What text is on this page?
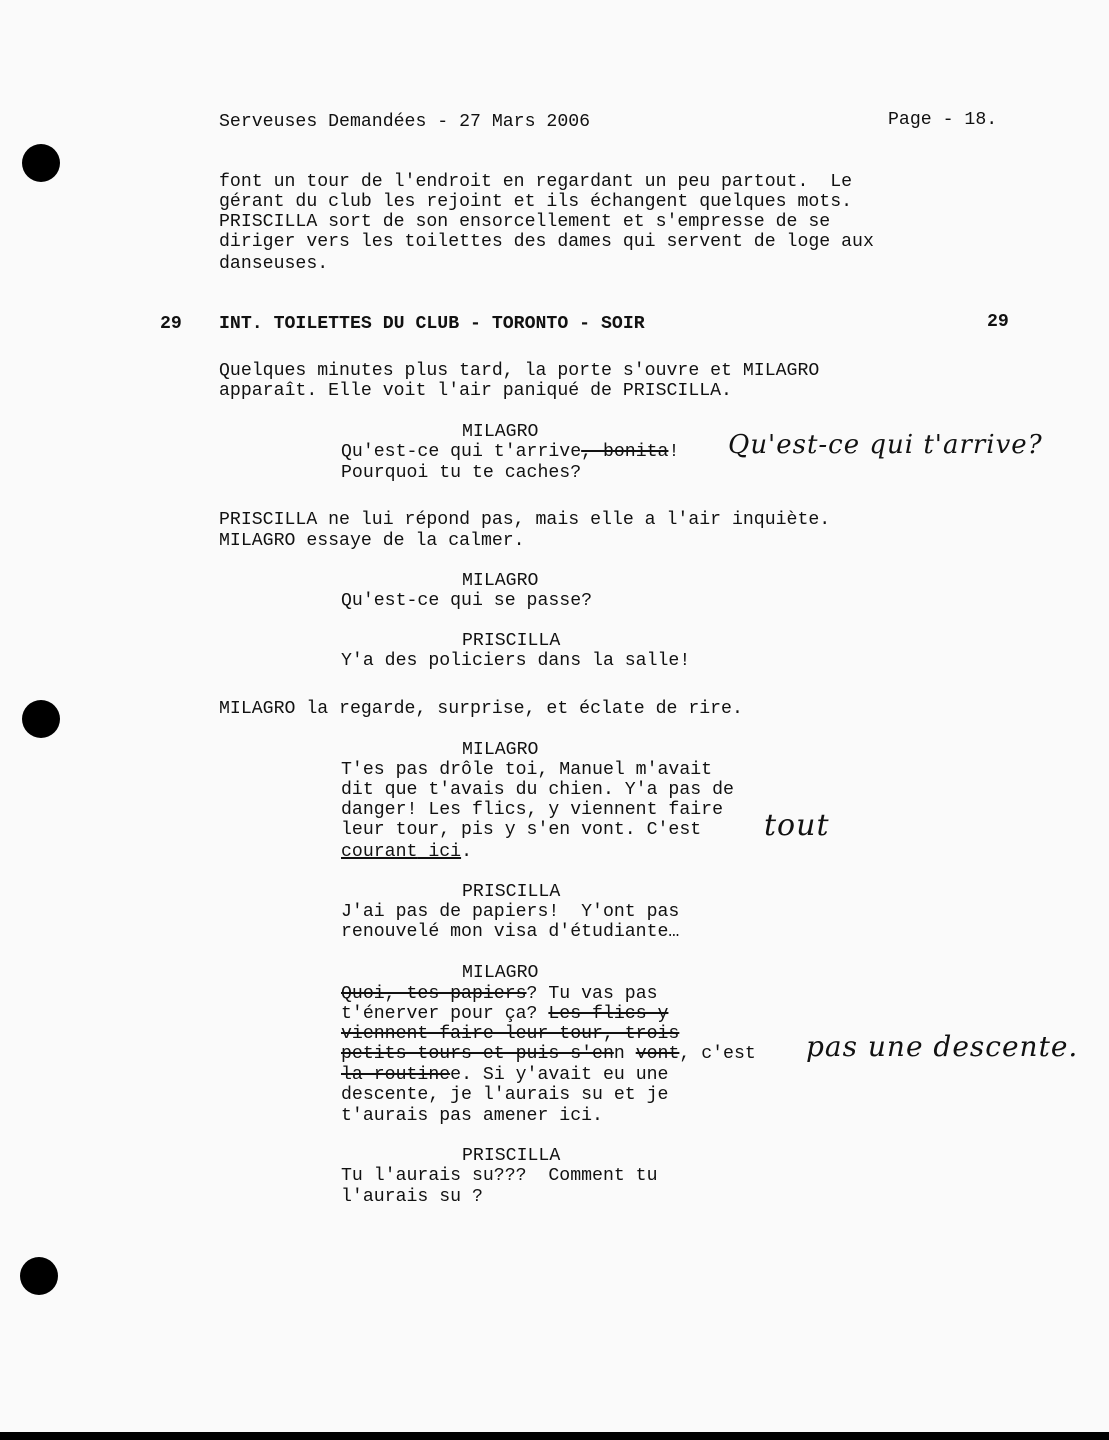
Serveuses Demandées - 27 Mars 2006	Page - 18.
font un tour de l'endroit en regardant un peu partout.  Le
gérant du club les rejoint et ils échangent quelques mots.
PRISCILLA sort de son ensorcellement et s'empresse de se
diriger vers les toilettes des dames qui servent de loge aux
danseuses.
29 INT. TOILETTES DU CLUB - TORONTO - SOIR	29
Quelques minutes plus tard, la porte s'ouvre et MILAGRO
apparaît. Elle voit l'air paniqué de PRISCILLA.
MILAGRO
Qu'est-ce qui t'arrive, bonita!
Pourquoi tu te caches?
Qu'est-ce qui t'arrive?
PRISCILLA ne lui répond pas, mais elle a l'air inquiète.
MILAGRO essaye de la calmer.
MILAGRO
Qu'est-ce qui se passe?
PRISCILLA
Y'a des policiers dans la salle!
MILAGRO la regarde, surprise, et éclate de rire.
MILAGRO
T'es pas drôle toi, Manuel m'avait
dit que t'avais du chien. Y'a pas de
danger! Les flics, y viennent faire
leur tour, pis y s'en vont. C'est
courant ici.
tout
PRISCILLA
J'ai pas de papiers!  Y'ont pas
renouvelé mon visa d'étudiante…
MILAGRO
Quoi, tes papiers? Tu vas pas
t'énerver pour ça? Les flics y
viennent faire leur tour, trois
petits tours et puis s'enn vont, c'est
la routinee. Si y'avait eu une
descente, je l'aurais su et je
t'aurais pas amener ici.
pas une descente.
PRISCILLA
Tu l'aurais su???  Comment tu
l'aurais su ?
